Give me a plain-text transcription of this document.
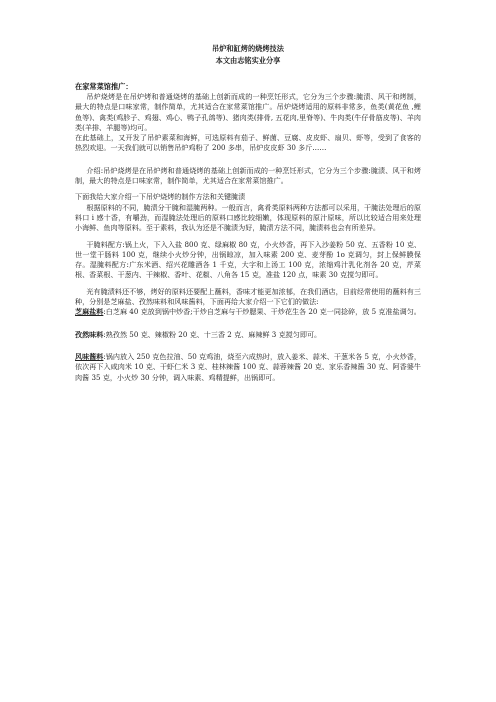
吊炉和缸烤的烧烤技法

本文由志铭实业分享

在家常菜馆推广：

吊炉烧烤是在吊炉烤和普通烧烤的基础上创新而成的一种烹饪形式，它分为三个步骤:腌渍、风干和烤制，最大的特点是口味家常，制作简单，尤其适合在家常菜馆推广。吊炉烧烤适用的原料非常多，鱼类(黄花鱼 ,鲤鱼等)、禽类(鸡胗子、鸡翅、鸡心、鸭子孔鸽等)、猪肉类(排骨, 五花肉,里脊等)、牛肉类(牛仔骨筋皮等)、羊肉类(羊排、羊腿等)均可。

在此基础上，又开发了吊炉素菜和海鲜，可选原料有茄子、鲜菌、豆腐、皮皮虾、扇贝、虾等，受到了食客的热烈欢迎。一天我们就可以销售吊炉鸡粉了 200 多串，吊炉皮皮虾 30 多斤……

介绍:吊炉烧烤是在吊炉烤和普通烧烤的基础上创新而成的一种烹饪形式，它分为三个步骤:腌渍、风干和烤制，最大的特点是口味家常，制作简单，尤其适合在家常菜馆推广。

下面我给大家介绍一下吊炉烧烤的制作方法和关键腌渍

根据原料的不同，腌渍分干腌和湿腌两种。一般而言，禽肴类原料两种方法都可以采用，干腌法处理后的原料口 i 感十香，有嚼劲，而湿腌法处理后的原料口感比较细嫩，体现原料的原汁原味，所以比较适合用来处理小海鲜、鱼肉等原料。至于素料，我认为还是不腌渍为好，腌渍方法不同，腌渍料也会有所差异。

干腌料配方:锅上火，下入入盐 800 克、绿麻椒 80 克，小火炒香，再下入沙姜粉 50 克、五香粉 10 克、世一堂干肠料 100 克，继续小火炒分钟，出锅晾凉，加入味素 200 克、麦芽酚 1o 克调匀，封上保鲜膜保存。湿腌料配方:广东米酒、绍兴花雕酒各 1 千克，大字和上汤工 100 克，浓缩鸡汁乳化剂各 20 克，芹菜根、香菜根、干葱内、干辣椒、香叶、花椒、八角各 15 克，准盐 120 点，味素 30 克搅匀即可。

光有腌渍料还不够，烤好的原料还要配上蘸料，香味才能更加浓郁，在我们酒店，目前经常使用的蘸料有三种，分别是芝麻盐、孜然味料和风味酱料，下面再给大家介绍一下它们的做法:

芝麻盐料:白芝麻 40 克放到锅中炒香;干炒自芝麻与干炒腮果、干炒花生各 20 克一同捻碎，放 5 克准盐调匀。

孜然味料:熟孜然 50 克、辣椒粉 20 克、十三香 2 克、麻辣鲜 3 克搅匀即可。

风味酱料:锅内放入 250 克色拉油、50 克鸡油，烧至六成热时，放入姜米、蒜米、干葱米各 5 克，小火炒香，依次再下入咸肉米 10 克、干虾仁米 3 克、桂林辣酱 100 克、蒜蓉辣酱 20 克、家乐香辣酱 30 克、阿香婆牛肉酱 35 克，小火炒 30 分钟，调入味素、鸡精提鲜，出锅即可。
